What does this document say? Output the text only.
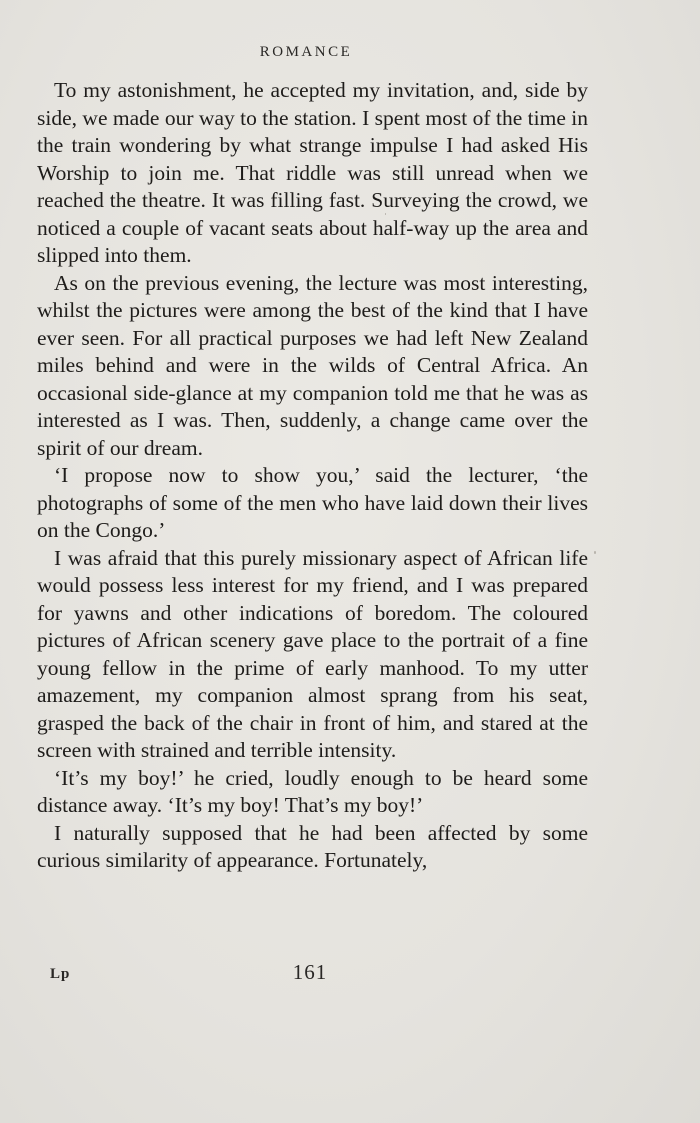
ROMANCE

To my astonishment, he accepted my invitation, and, side by side, we made our way to the station. I spent most of the time in the train wondering by what strange impulse I had asked His Worship to join me. That riddle was still unread when we reached the theatre. It was filling fast. Surveying the crowd, we noticed a couple of vacant seats about half-way up the area and slipped into them.

As on the previous evening, the lecture was most interesting, whilst the pictures were among the best of the kind that I have ever seen. For all practical purposes we had left New Zealand miles behind and were in the wilds of Central Africa. An occasional side-glance at my companion told me that he was as interested as I was. Then, suddenly, a change came over the spirit of our dream.

‘I propose now to show you,’ said the lecturer, ‘the photographs of some of the men who have laid down their lives on the Congo.’

I was afraid that this purely missionary aspect of African life would possess less interest for my friend, and I was prepared for yawns and other indications of boredom. The coloured pictures of African scenery gave place to the portrait of a fine young fellow in the prime of early manhood. To my utter amazement, my companion almost sprang from his seat, grasped the back of the chair in front of him, and stared at the screen with strained and terrible intensity.

‘It’s my boy!’ he cried, loudly enough to be heard some distance away. ‘It’s my boy! That’s my boy!’

I naturally supposed that he had been affected by some curious similarity of appearance. Fortunately,

Lp	161
